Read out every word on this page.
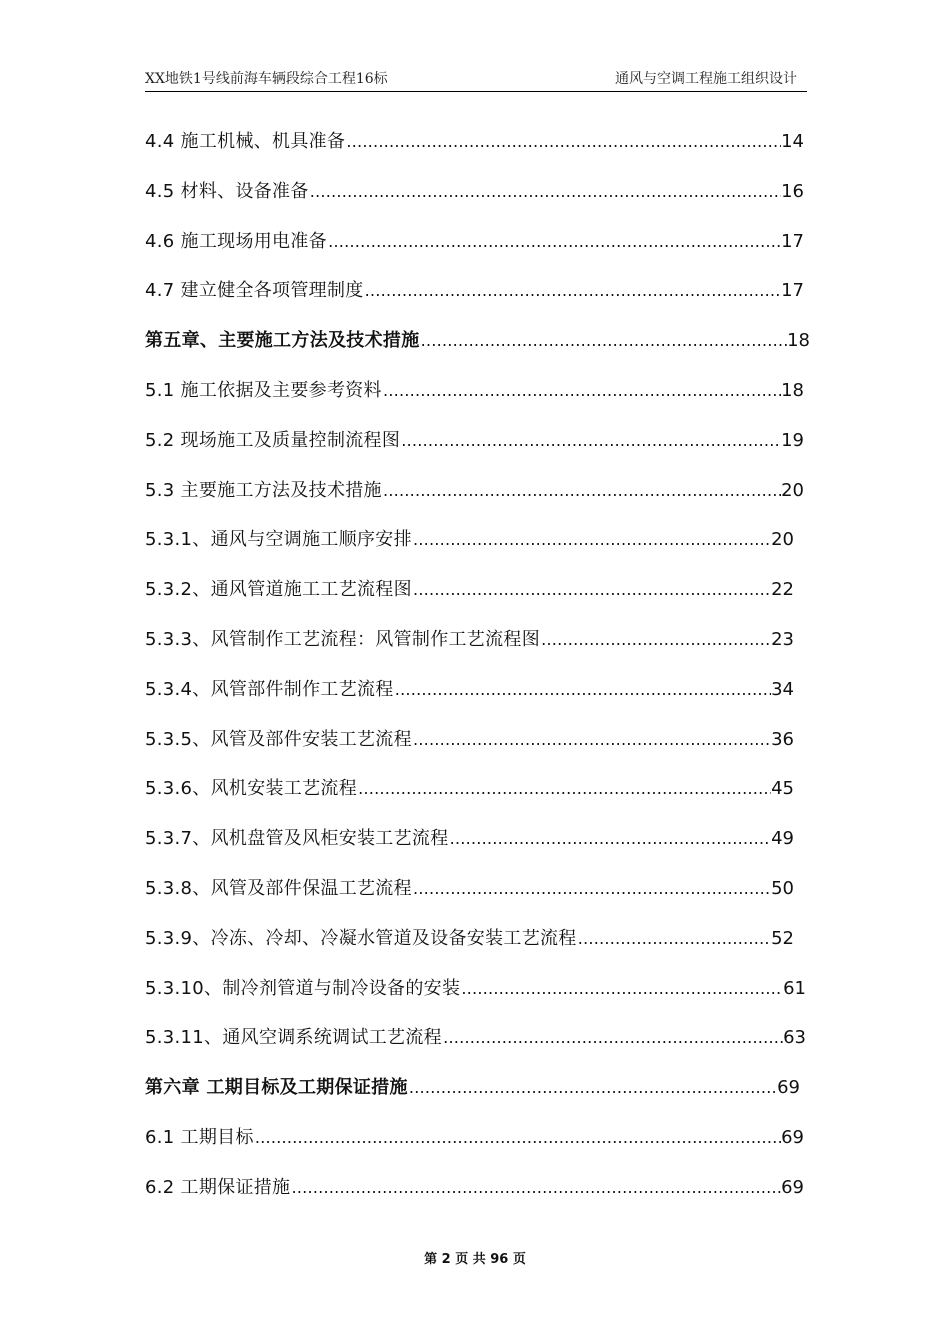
XX地铁1号线前海车辆段综合工程16标	通风与空调工程施工组织设计
4.4 施工机械、机具准备 …………………………………………………………………………………………………………………………………………………………………………	14
4.5 材料、设备准备 …………………………………………………………………………………………………………………………………………………………………………	16
4.6 施工现场用电准备 …………………………………………………………………………………………………………………………………………………………………………	17
4.7 建立健全各项管理制度 …………………………………………………………………………………………………………………………………………………………………………	17
第五章、主要施工方法及技术措施 …………………………………………………………………………………………………………………………………………………………………………	18
5.1 施工依据及主要参考资料 …………………………………………………………………………………………………………………………………………………………………………	18
5.2 现场施工及质量控制流程图 …………………………………………………………………………………………………………………………………………………………………………	19
5.3 主要施工方法及技术措施 …………………………………………………………………………………………………………………………………………………………………………	20
5.3.1、通风与空调施工顺序安排 …………………………………………………………………………………………………………………………………………………………………………	20
5.3.2、通风管道施工工艺流程图 …………………………………………………………………………………………………………………………………………………………………………	22
5.3.3、风管制作工艺流程：风管制作工艺流程图 …………………………………………………………………………………………………………………………………………………………………………	23
5.3.4、风管部件制作工艺流程 …………………………………………………………………………………………………………………………………………………………………………	34
5.3.5、风管及部件安装工艺流程 …………………………………………………………………………………………………………………………………………………………………………	36
5.3.6、风机安装工艺流程 …………………………………………………………………………………………………………………………………………………………………………	45
5.3.7、风机盘管及风柜安装工艺流程 …………………………………………………………………………………………………………………………………………………………………………	49
5.3.8、风管及部件保温工艺流程 …………………………………………………………………………………………………………………………………………………………………………	50
5.3.9、冷冻、冷却、冷凝水管道及设备安装工艺流程 …………………………………………………………………………………………………………………………………………………………………………	52
5.3.10、制冷剂管道与制冷设备的安装 …………………………………………………………………………………………………………………………………………………………………………	61
5.3.11、通风空调系统调试工艺流程 …………………………………………………………………………………………………………………………………………………………………………	63
第六章 工期目标及工期保证措施 …………………………………………………………………………………………………………………………………………………………………………	69
6.1 工期目标 …………………………………………………………………………………………………………………………………………………………………………	69
6.2 工期保证措施 …………………………………………………………………………………………………………………………………………………………………………	69
第 2 页 共 96 页
